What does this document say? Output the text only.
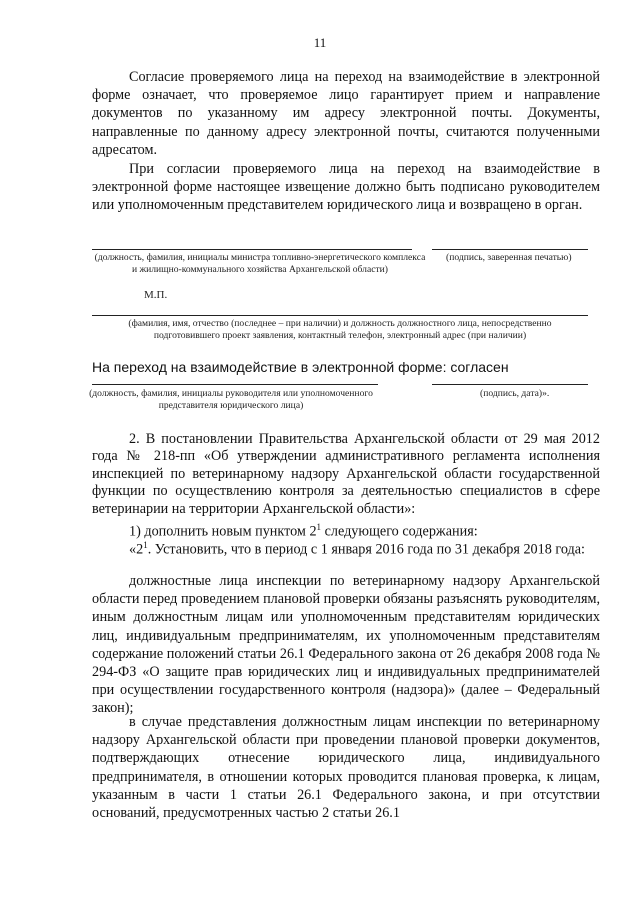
11

Согласие проверяемого лица на переход на взаимодействие в электронной форме означает, что проверяемое лицо гарантирует прием и направление документов по указанному им адресу электронной почты. Документы, направленные по данному адресу электронной почты, считаются полученными адресатом.

При согласии проверяемого лица на переход на взаимодействие в электронной форме настоящее извещение должно быть подписано руководителем или уполномоченным представителем юридического лица и возвращено в орган.

(должность, фамилия, инициалы министра топливно-энергетического комплекса и жилищно-коммунального хозяйства Архангельской области)
(подпись, заверенная печатью)
М.П.
(фамилия, имя, отчество (последнее – при наличии) и должность должностного лица, непосредственно подготовившего проект заявления, контактный телефон, электронный адрес (при наличии)
На переход на взаимодействие в электронной форме: согласен
(должность, фамилия, инициалы руководителя или уполномоченного представителя юридического лица)
(подпись, дата)».

2. В постановлении Правительства Архангельской области от 29 мая 2012 года № 218-пп «Об утверждении административного регламента исполнения инспекцией по ветеринарному надзору Архангельской области государственной функции по осуществлению контроля за деятельностью специалистов в сфере ветеринарии на территории Архангельской области»:

1) дополнить новым пунктом $2^1$ следующего содержания:

«$2^1$. Установить, что в период с 1 января 2016 года по 31 декабря 2018 года:

должностные лица инспекции по ветеринарному надзору Архангельской области перед проведением плановой проверки обязаны разъяснять руководителям, иным должностным лицам или уполномоченным представителям юридических лиц, индивидуальным предпринимателям, их уполномоченным представителям содержание положений статьи 26.1 Федерального закона от 26 декабря 2008 года № 294-ФЗ «О защите прав юридических лиц и индивидуальных предпринимателей при осуществлении государственного контроля (надзора)» (далее – Федеральный закон);

в случае представления должностным лицам инспекции по ветеринарному надзору Архангельской области при проведении плановой проверки документов, подтверждающих отнесение юридического лица, индивидуального предпринимателя, в отношении которых проводится плановая проверка, к лицам, указанным в части 1 статьи 26.1 Федерального закона, и при отсутствии оснований, предусмотренных частью 2 статьи 26.1
